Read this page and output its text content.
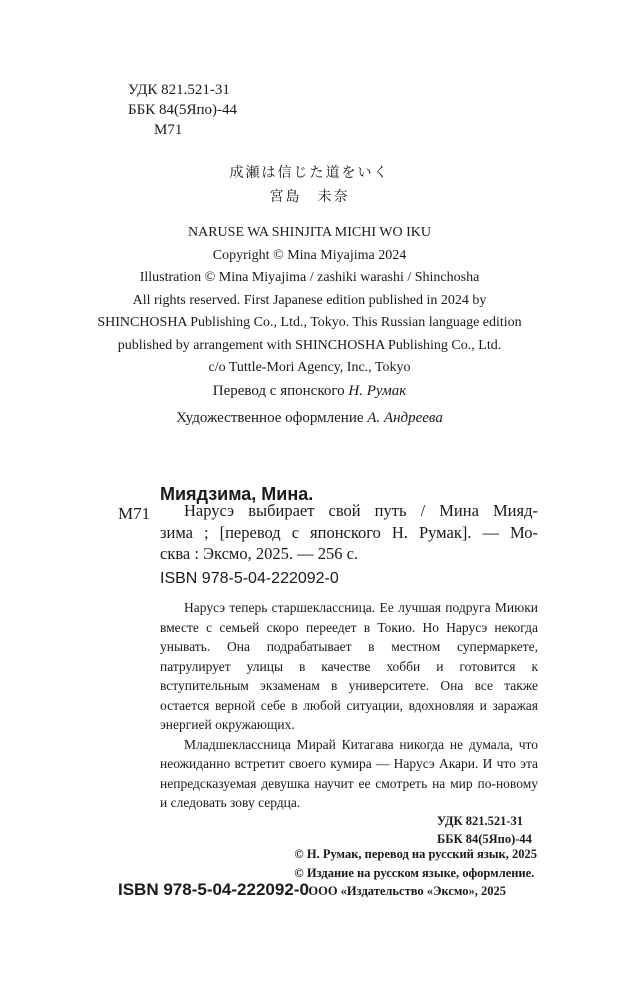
УДК 821.521-31
ББК 84(5Япо)-44
М71
成瀬は信じた道をいく
宮島　未奈
NARUSE WA SHINJITA MICHI WO IKU
Copyright © Mina Miyajima 2024
Illustration © Mina Miyajima / zashiki warashi / Shinchosha
All rights reserved. First Japanese edition published in 2024 by
SHINCHOSHA Publishing Co., Ltd., Tokyo. This Russian language edition
published by arrangement with SHINCHOSHA Publishing Co., Ltd.
c/o Tuttle-Mori Agency, Inc., Tokyo
Перевод с японского Н. Румак
Художественное оформление А. Андреева
Миядзима, Мина.
М71	Нарусэ выбирает свой путь / Мина Мияд-
зима ; [перевод с японского Н. Румак]. — Мо-
сква : Эксмо, 2025. — 256 с.
ISBN 978-5-04-222092-0

Нарусэ теперь старшеклассница. Ее лучшая подруга Миюки вместе с семьей скоро переедет в Токио. Но Нарусэ некогда унывать. Она подрабатывает в местном супермаркете, патрулирует улицы в качестве хобби и готовится к вступительным экзаменам в университете. Она все также остается верной себе в любой ситуации, вдохновляя и заражая энергией окружающих.

Младшеклассница Мирай Китагава никогда не думала, что неожиданно встретит своего кумира — Нарусэ Акари. И что эта непредсказуемая девушка научит ее смотреть на мир по-новому и следовать зову сердца.

УДК 821.521-31
ББК 84(5Япо)-44
© Н. Румак, перевод на русский язык, 2025
© Издание на русском языке, оформление.
ООО «Издательство «Эксмо», 2025
ISBN 978-5-04-222092-0
